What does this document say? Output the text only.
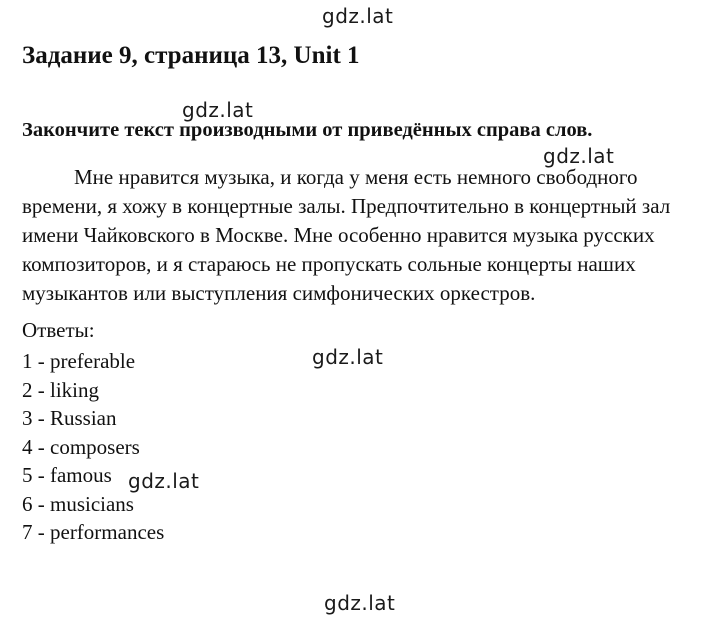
gdz.lat
Задание 9, страница 13, Unit 1
gdz.lat
Закончите текст производными от приведённых справа слов.
gdz.lat
Мне нравится музыка, и когда у меня есть немного свободного
времени, я хожу в концертные залы. Предпочтительно в концертный зал
имени Чайковского в Москве. Мне особенно нравится музыка русских
композиторов, и я стараюсь не пропускать сольные концерты наших
музыкантов или выступления симфонических оркестров.
Ответы:
1 - preferable
2 - liking
3 - Russian
4 - composers
5 - famous
6 - musicians
7 - performances
gdz.lat
gdz.lat
gdz.lat
